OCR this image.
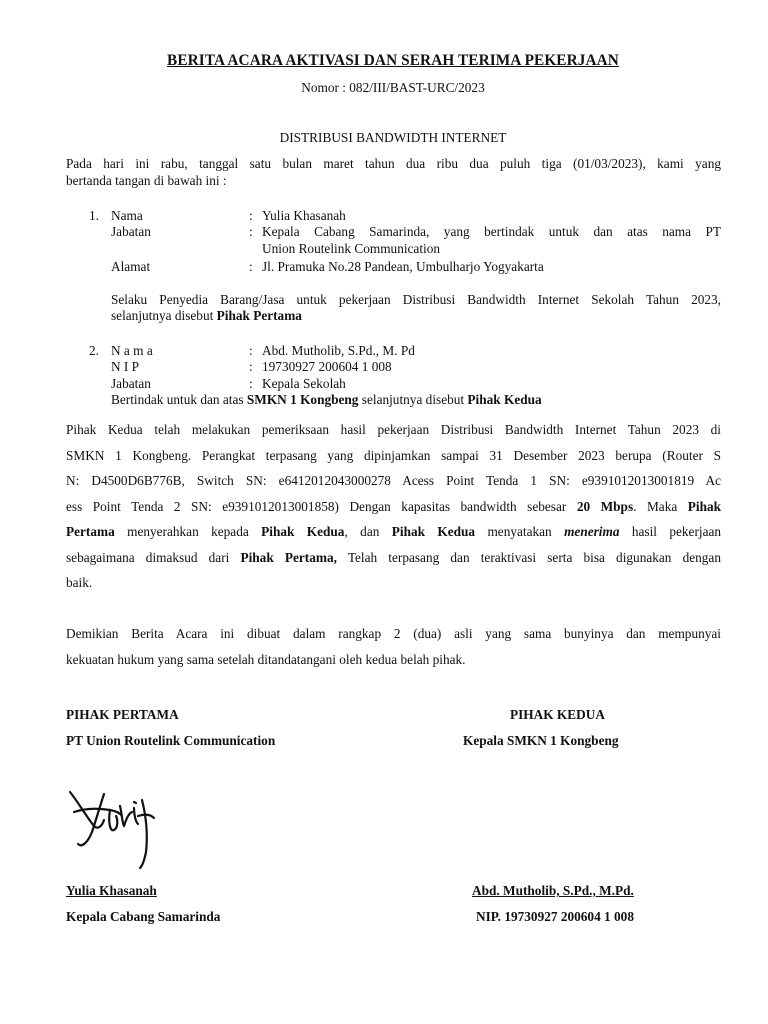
BERITA ACARA AKTIVASI DAN SERAH TERIMA PEKERJAAN
Nomor : 082/III/BAST-URC/2023
DISTRIBUSI BANDWIDTH INTERNET
Pada hari ini rabu, tanggal satu bulan maret tahun dua ribu dua puluh tiga (01/03/2023), kami yang
bertanda tangan di bawah ini :
1. Nama	: Yulia Khasanah
Jabatan	: Kepala Cabang Samarinda, yang bertindak untuk dan atas nama PT
Union Routelink Communication
Alamat	: Jl. Pramuka No.28 Pandean, Umbulharjo Yogyakarta
Selaku Penyedia Barang/Jasa untuk pekerjaan Distribusi Bandwidth Internet Sekolah Tahun 2023,
selanjutnya disebut Pihak Pertama
2. N a m a	: Abd. Mutholib, S.Pd., M. Pd
N I P	: 19730927 200604 1 008
Jabatan	: Kepala Sekolah
Bertindak untuk dan atas SMKN 1 Kongbeng selanjutnya disebut Pihak Kedua
Pihak Kedua telah melakukan pemeriksaan hasil pekerjaan Distribusi Bandwidth Internet Tahun 2023 di
SMKN 1 Kongbeng. Perangkat terpasang yang dipinjamkan sampai 31 Desember 2023 berupa (Router S
N: D4500D6B776B, Switch SN: e6412012043000278 Acess Point Tenda 1 SN: e9391012013001819 Ac
ess Point Tenda 2 SN: e9391012013001858) Dengan kapasitas bandwidth sebesar 20 Mbps. Maka Pihak
Pertama menyerahkan kepada Pihak Kedua, dan Pihak Kedua menyatakan menerima hasil pekerjaan
sebagaimana dimaksud dari Pihak Pertama, Telah terpasang dan teraktivasi serta bisa digunakan dengan
baik.
Demikian Berita Acara ini dibuat dalam rangkap 2 (dua) asli yang sama bunyinya dan mempunyai
kekuatan hukum yang sama setelah ditandatangani oleh kedua belah pihak.
PIHAK PERTAMA
PT Union Routelink Communication
PIHAK KEDUA
Kepala SMKN 1 Kongbeng
Yulia Khasanah
Kepala Cabang Samarinda
Abd. Mutholib, S.Pd., M.Pd.
NIP. 19730927 200604 1 008
